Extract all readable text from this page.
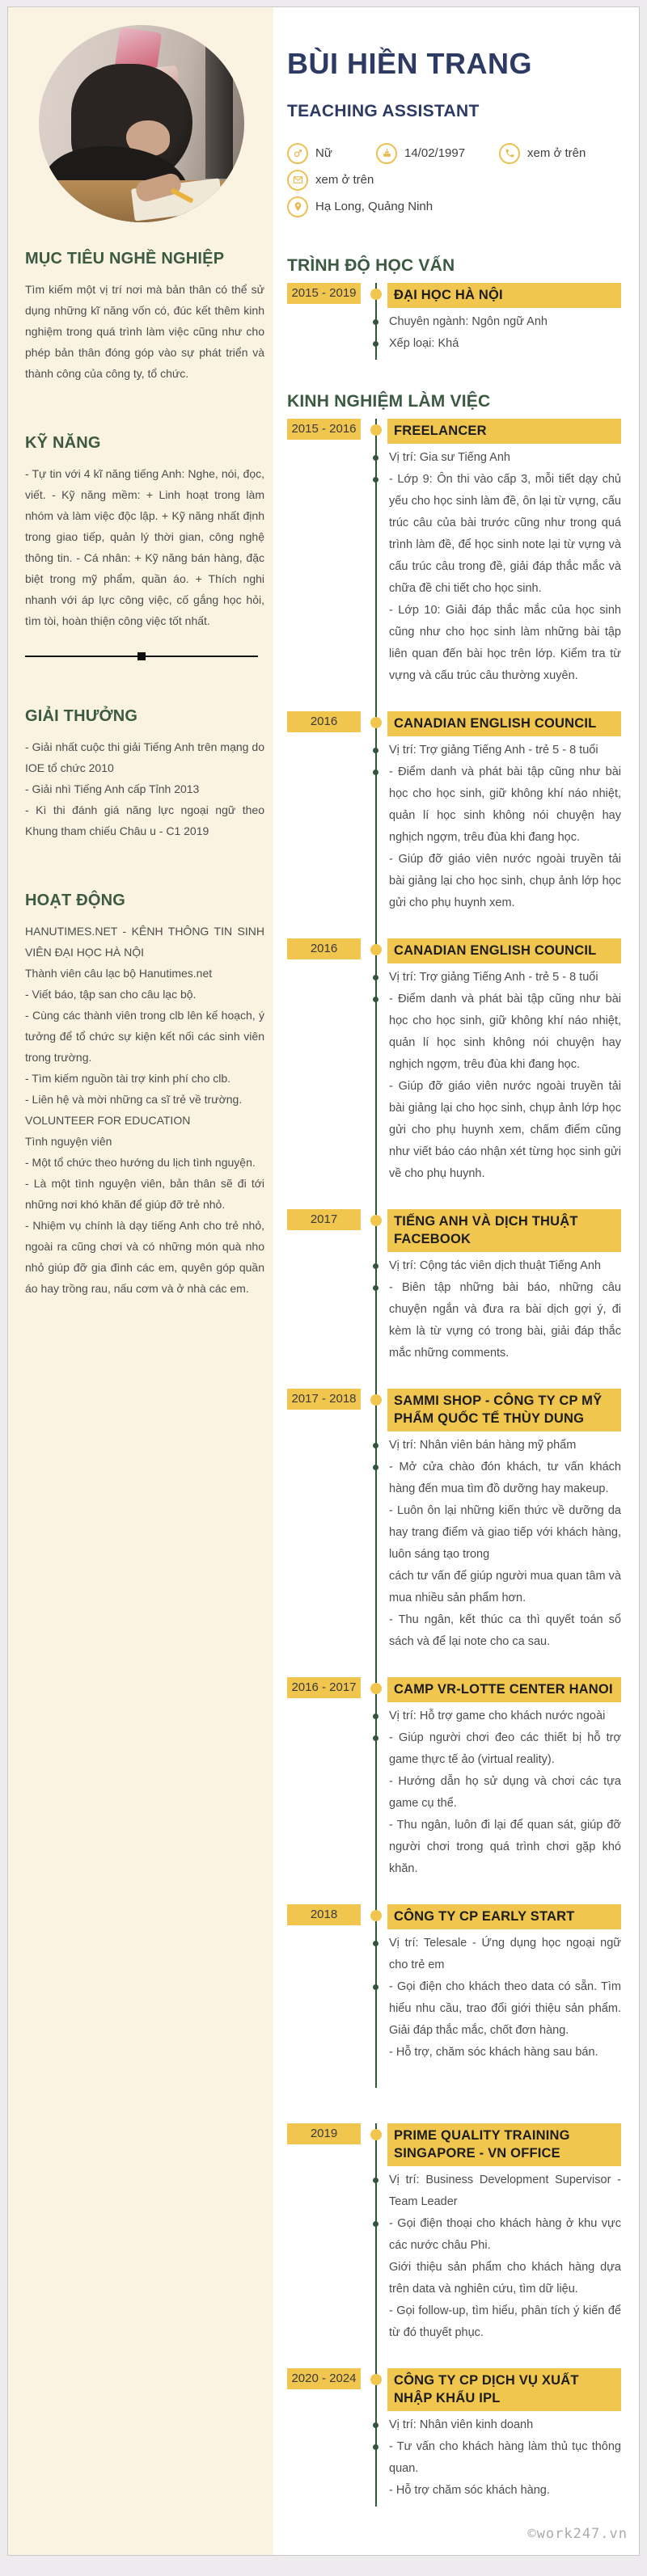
MỤC TIÊU NGHỀ NGHIỆP

Tìm kiếm một vị trí nơi mà bản thân có thể sử dụng những kĩ năng vốn có, đúc kết thêm kinh nghiệm trong quá trình làm việc cũng như cho phép bản thân đóng góp vào sự phát triển và thành công của công ty, tổ chức.

KỸ NĂNG

- Tự tin với 4 kĩ năng tiếng Anh: Nghe, nói, đọc, viết. - Kỹ năng mềm: + Linh hoạt trong làm nhóm và làm việc độc lập. + Kỹ năng nhất định trong giao tiếp, quản lý thời gian, công nghệ thông tin. - Cá nhân: + Kỹ năng bán hàng, đặc biệt trong mỹ phẩm, quần áo. + Thích nghi nhanh với áp lực công việc, cố gắng học hỏi, tìm tòi, hoàn thiện công việc tốt nhất.

GIẢI THƯỞNG

- Giải nhất cuộc thi giải Tiếng Anh trên mạng do IOE tổ chức 2010

- Giải nhì Tiếng Anh cấp Tỉnh 2013

- Kì thi đánh giá năng lực ngoại ngữ theo Khung tham chiếu Châu u - C1 2019

HOẠT ĐỘNG

HANUTIMES.NET - KÊNH THÔNG TIN SINH VIÊN ĐẠI HỌC HÀ NỘI

Thành viên câu lạc bộ Hanutimes.net

- Viết báo, tập san cho câu lạc bộ.

- Cùng các thành viên trong clb lên kế hoạch, ý tưởng để tổ chức sự kiện kết nối các sinh viên trong trường.

- Tìm kiếm nguồn tài trợ kinh phí cho clb.

- Liên hệ và mời những ca sĩ trẻ về trường.

VOLUNTEER FOR EDUCATION

Tình nguyện viên

- Một tổ chức theo hướng du lịch tình nguyện.

- Là một tình nguyện viên, bản thân sẽ đi tới những nơi khó khăn để giúp đỡ trẻ nhỏ.

- Nhiệm vụ chính là dạy tiếng Anh cho trẻ nhỏ, ngoài ra cũng chơi và có những món quà nho nhỏ giúp đỡ gia đình các em, quyên góp quần áo hay trồng rau, nấu cơm và ở nhà các em.

BÙI HIỀN TRANG
TEACHING ASSISTANT
Nữ	14/02/1997	xem ở trên
xem ở trên
Hạ Long, Quảng Ninh
TRÌNH ĐỘ HỌC VẤN
2015 - 2019	ĐẠI HỌC HÀ NỘI

Chuyên ngành: Ngôn ngữ Anh

Xếp loại: Khá

KINH NGHIỆM LÀM VIỆC
2015 - 2016	FREELANCER

Vị trí: Gia sư Tiếng Anh

- Lớp 9: Ôn thi vào cấp 3, mỗi tiết dạy chủ yếu cho học sinh làm đề, ôn lại từ vựng, cấu trúc câu của bài trước cũng như trong quá trình làm đề, để học sinh note lại từ vựng và cấu trúc câu trong đề, giải đáp thắc mắc và chữa đề chi tiết cho học sinh.

- Lớp 10: Giải đáp thắc mắc của học sinh cũng như cho học sinh làm những bài tập liên quan đến bài học trên lớp. Kiểm tra từ vựng và cấu trúc câu thường xuyên.

2016	CANADIAN ENGLISH COUNCIL

Vị trí: Trợ giảng Tiếng Anh - trẻ 5 - 8 tuổi

- Điểm danh và phát bài tập cũng như bài học cho học sinh, giữ không khí náo nhiệt, quản lí học sinh không nói chuyện hay nghịch ngợm, trêu đùa khi đang học.

- Giúp đỡ giáo viên nước ngoài truyền tải bài giảng lại cho học sinh, chụp ảnh lớp học gửi cho phụ huynh xem.

2016	CANADIAN ENGLISH COUNCIL

Vị trí: Trợ giảng Tiếng Anh - trẻ 5 - 8 tuổi

- Điểm danh và phát bài tập cũng như bài học cho học sinh, giữ không khí náo nhiệt, quản lí học sinh không nói chuyện hay nghịch ngợm, trêu đùa khi đang học.

- Giúp đỡ giáo viên nước ngoài truyền tải bài giảng lại cho học sinh, chụp ảnh lớp học gửi cho phụ huynh xem, chấm điểm cũng như viết báo cáo nhận xét từng học sinh gửi về cho phụ huynh.

2017	TIẾNG ANH VÀ DỊCH THUẬT FACEBOOK

Vị trí: Cộng tác viên dịch thuật Tiếng Anh

- Biên tập những bài báo, những câu chuyện ngắn và đưa ra bài dịch gợi ý, đi kèm là từ vựng có trong bài, giải đáp thắc mắc những comments.

2017 - 2018	SAMMI SHOP - CÔNG TY CP MỸ PHẨM QUỐC TẾ THÙY DUNG

Vị trí: Nhân viên bán hàng mỹ phẩm

- Mở cửa chào đón khách, tư vấn khách hàng đến mua tìm đồ dưỡng hay makeup.

- Luôn ôn lại những kiến thức về dưỡng da hay trang điểm và giao tiếp với khách hàng, luôn sáng tạo trong

cách tư vấn để giúp người mua quan tâm và mua nhiều sản phẩm hơn.

- Thu ngân, kết thúc ca thì quyết toán sổ sách và để lại note cho ca sau.

2016 - 2017	CAMP VR-LOTTE CENTER HANOI

Vị trí: Hỗ trợ game cho khách nước ngoài

- Giúp người chơi đeo các thiết bị hỗ trợ game thực tế ảo (virtual reality).

- Hướng dẫn họ sử dụng và chơi các tựa game cụ thể.

- Thu ngân, luôn đi lại để quan sát, giúp đỡ người chơi trong quá trình chơi gặp khó khăn.

2018	CÔNG TY CP EARLY START

Vị trí: Telesale - Ứng dụng học ngoại ngữ cho trẻ em

- Gọi điện cho khách theo data có sẵn. Tìm hiểu nhu cầu, trao đổi giới thiệu sản phẩm. Giải đáp thắc mắc, chốt đơn hàng.

- Hỗ trợ, chăm sóc khách hàng sau bán.

2019	PRIME QUALITY TRAINING SINGAPORE - VN OFFICE

Vị trí: Business Development Supervisor - Team Leader

- Gọi điện thoại cho khách hàng ở khu vực các nước châu Phi.

Giới thiệu sản phẩm cho khách hàng dựa trên data và nghiên cứu, tìm dữ liệu.

- Gọi follow-up, tìm hiểu, phân tích ý kiến để từ đó thuyết phục.

2020 - 2024	CÔNG TY CP DỊCH VỤ XUẤT NHẬP KHẨU IPL

Vị trí: Nhân viên kinh doanh

- Tư vấn cho khách hàng làm thủ tục thông quan.

- Hỗ trợ chăm sóc khách hàng.

©work247.vn
